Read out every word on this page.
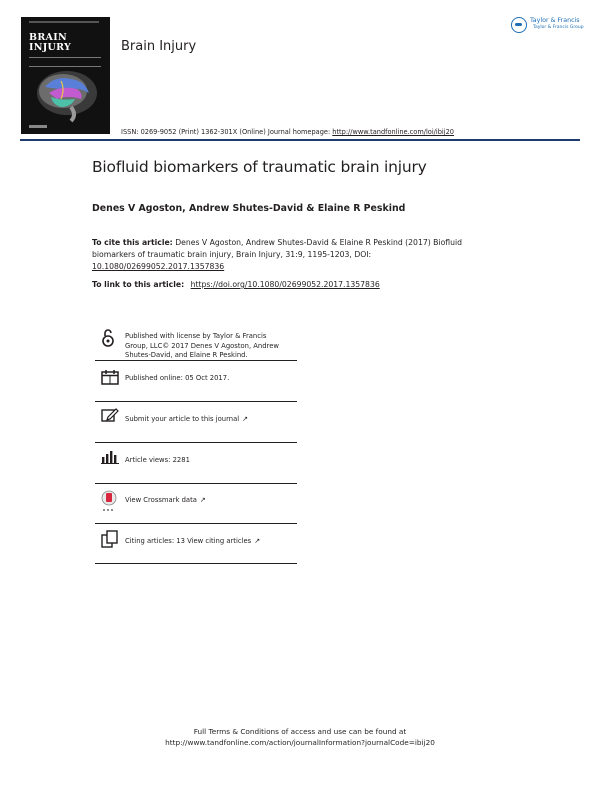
BRAIN
INJURY	Brain Injury
Taylor & Francis
Taylor & Francis Group
ISSN: 0269-9052 (Print) 1362-301X (Online) Journal homepage: http://www.tandfonline.com/loi/ibij20
Biofluid biomarkers of traumatic brain injury
Denes V Agoston, Andrew Shutes-David & Elaine R Peskind
To cite this article: Denes V Agoston, Andrew Shutes-David & Elaine R Peskind (2017) Biofluid biomarkers of traumatic brain injury, Brain Injury, 31:9, 1195-1203, DOI: 10.1080/02699052.2017.1357836
To link to this article: https://doi.org/10.1080/02699052.2017.1357836
Published with license by Taylor & Francis
Group, LLC© 2017 Denes V Agoston, Andrew
Shutes-David, and Elaine R Peskind.
Published online: 05 Oct 2017.
Submit your article to this journal ↗
Article views: 2281
View Crossmark data ↗
Citing articles: 13 View citing articles ↗
Full Terms & Conditions of access and use can be found at
http://www.tandfonline.com/action/journalInformation?journalCode=ibij20
